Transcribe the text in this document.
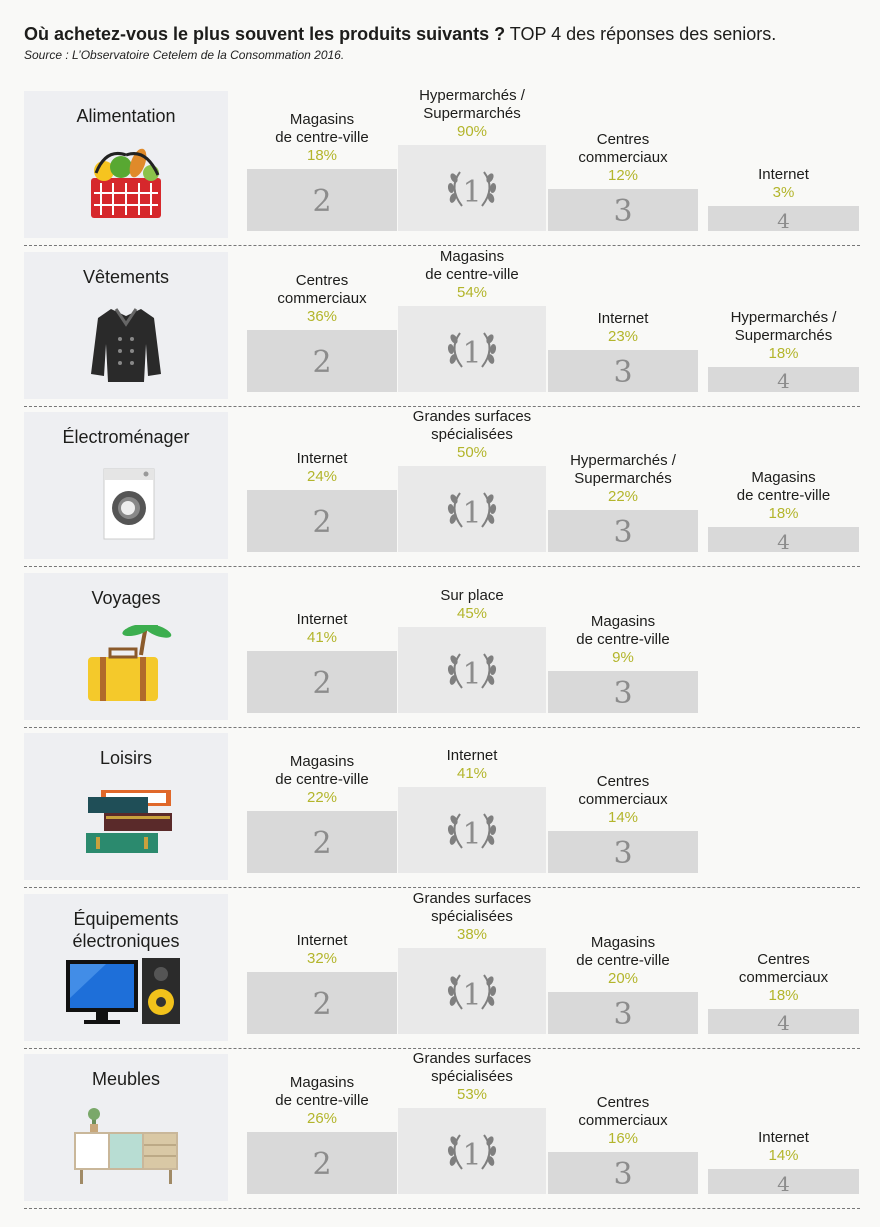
Où achetez-vous le plus souvent les produits suivants ? TOP 4 des réponses des seniors.
Source : L’Observatoire Cetelem de la Consommation 2016.
Alimentation
2
Magasins
de centre-ville
18%
1
Hypermarchés /
Supermarchés
90%
3
Centres
commerciaux
12%
4
Internet
3%
Vêtements
2
Centres
commerciaux
36%
1
Magasins
de centre-ville
54%
3
Internet
23%
4
Hypermarchés /
Supermarchés
18%
Électroménager
2
Internet
24%
1
Grandes surfaces
spécialisées
50%
3
Hypermarchés /
Supermarchés
22%
4
Magasins
de centre-ville
18%
Voyages
2
Internet
41%
1
Sur place
45%
3
Magasins
de centre-ville
9%
Loisirs
2
Magasins
de centre-ville
22%
1
Internet
41%
3
Centres
commerciaux
14%
Équipements
électroniques
2
Internet
32%
1
Grandes surfaces
spécialisées
38%
3
Magasins
de centre-ville
20%
4
Centres
commerciaux
18%
Meubles
2
Magasins
de centre-ville
26%
1
Grandes surfaces
spécialisées
53%
3
Centres
commerciaux
16%
4
Internet
14%
